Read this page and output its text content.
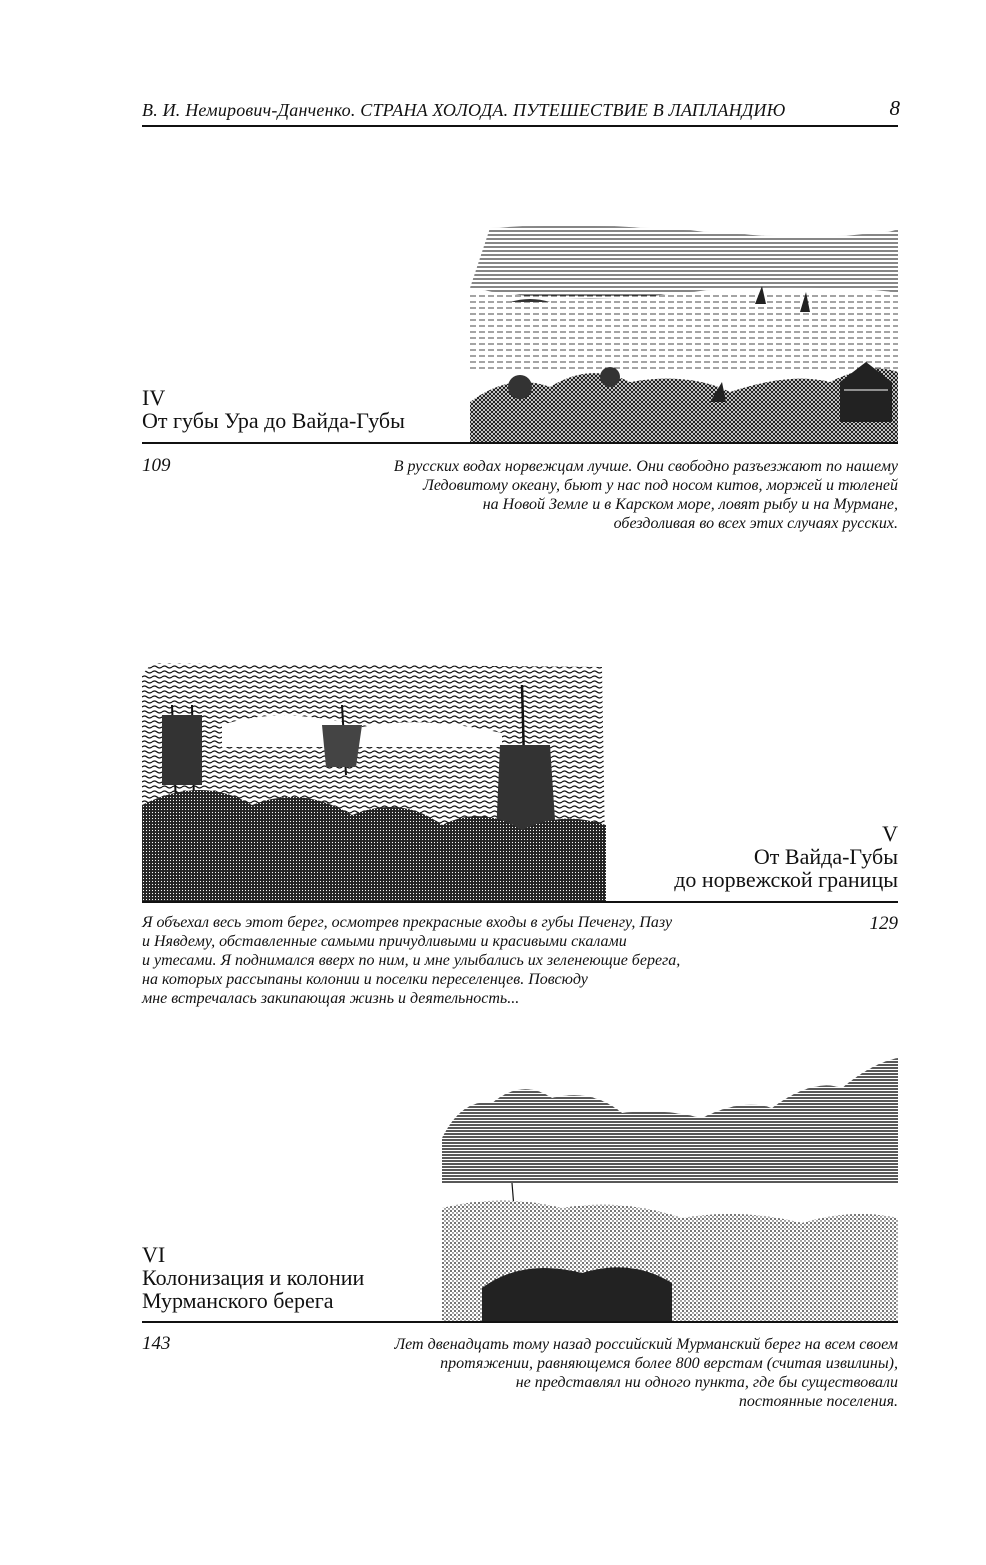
В. И. Немирович-Данченко. СТРАНА ХОЛОДА. ПУТЕШЕСТВИЕ В ЛАПЛАНДИЮ	8
IV
От губы Ура до Вайда-Губы
109	В русских водах норвежцам лучше. Они свободно разъезжают по нашему
Ледовитому океану, бьют у нас под носом китов, моржей и тюленей
на Новой Земле и в Карском море, ловят рыбу и на Мурмане,
обездоливая во всех этих случаях русских.
V
От Вайда-Губы
до норвежской границы
Я объехал весь этот берег, осмотрев прекрасные входы в губы Печенгу, Пазу
и Нявдему, обставленные самыми причудливыми и красивыми скалами
и утесами. Я поднимался вверх по ним, и мне улыбались их зеленеющие берега,
на которых рассыпаны колонии и поселки переселенцев. Повсюду
мне встречалась закипающая жизнь и деятельность...
129
VI
Колонизация и колонии
Мурманского берега
143	Лет двенадцать тому назад российский Мурманский берег на всем своем
протяжении, равняющемся более 800 верстам (считая извилины),
не представлял ни одного пункта, где бы существовали
постоянные поселения.
